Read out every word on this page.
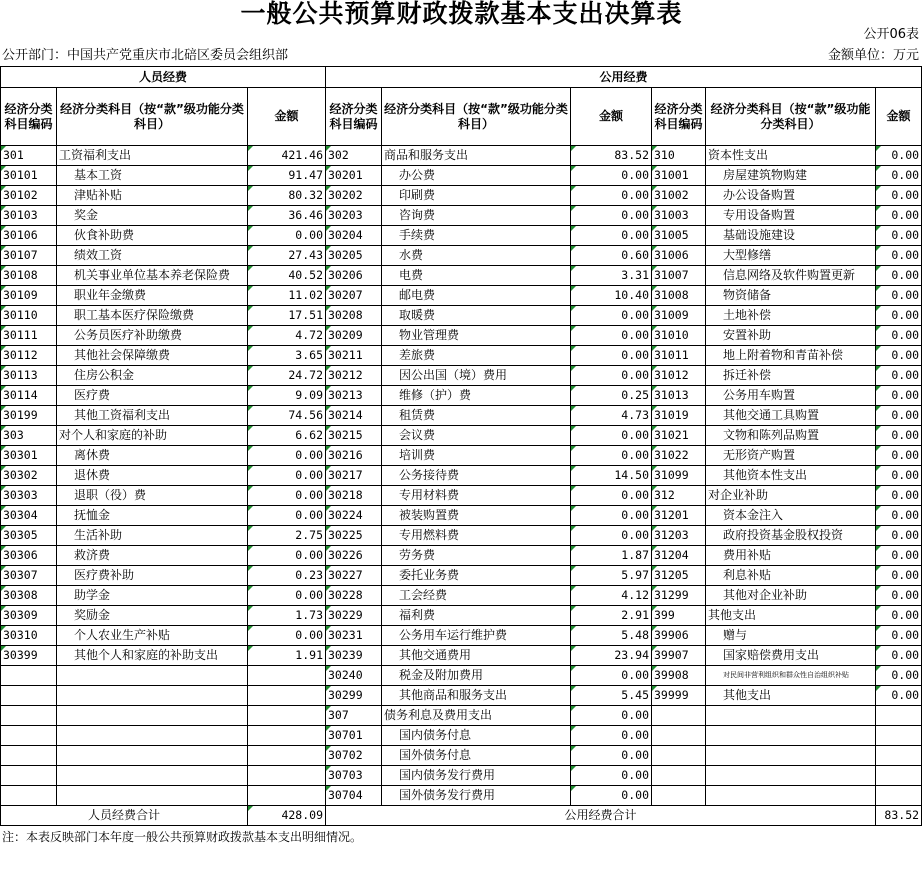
一般公共预算财政拨款基本支出决算表
公开06表
公开部门：中国共产党重庆市北碚区委员会组织部	金额单位：万元
人员经费			公用经费					
经济分类科目编码	经济分类科目（按“款”级功能分类科目）	金额	经济分类科目编码	经济分类科目（按“款”级功能分类科目）	金额	经济分类科目编码	经济分类科目（按“款”级功能分类科目）	金额
301	工资福利支出	421.46	302	商品和服务支出	83.52	310	资本性支出	0.00
30101	基本工资	91.47	30201	办公费	0.00	31001	房屋建筑物购建	0.00
30102	津贴补贴	80.32	30202	印刷费	0.00	31002	办公设备购置	0.00
30103	奖金	36.46	30203	咨询费	0.00	31003	专用设备购置	0.00
30106	伙食补助费	0.00	30204	手续费	0.00	31005	基础设施建设	0.00
30107	绩效工资	27.43	30205	水费	0.60	31006	大型修缮	0.00
30108	机关事业单位基本养老保险费	40.52	30206	电费	3.31	31007	信息网络及软件购置更新	0.00
30109	职业年金缴费	11.02	30207	邮电费	10.40	31008	物资储备	0.00
30110	职工基本医疗保险缴费	17.51	30208	取暖费	0.00	31009	土地补偿	0.00
30111	公务员医疗补助缴费	4.72	30209	物业管理费	0.00	31010	安置补助	0.00
30112	其他社会保障缴费	3.65	30211	差旅费	0.00	31011	地上附着物和青苗补偿	0.00
30113	住房公积金	24.72	30212	因公出国（境）费用	0.00	31012	拆迁补偿	0.00
30114	医疗费	9.09	30213	维修（护）费	0.25	31013	公务用车购置	0.00
30199	其他工资福利支出	74.56	30214	租赁费	4.73	31019	其他交通工具购置	0.00
303	对个人和家庭的补助	6.62	30215	会议费	0.00	31021	文物和陈列品购置	0.00
30301	离休费	0.00	30216	培训费	0.00	31022	无形资产购置	0.00
30302	退休费	0.00	30217	公务接待费	14.50	31099	其他资本性支出	0.00
30303	退职（役）费	0.00	30218	专用材料费	0.00	312	对企业补助	0.00
30304	抚恤金	0.00	30224	被装购置费	0.00	31201	资本金注入	0.00
30305	生活补助	2.75	30225	专用燃料费	0.00	31203	政府投资基金股权投资	0.00
30306	救济费	0.00	30226	劳务费	1.87	31204	费用补贴	0.00
30307	医疗费补助	0.23	30227	委托业务费	5.97	31205	利息补贴	0.00
30308	助学金	0.00	30228	工会经费	4.12	31299	其他对企业补助	0.00
30309	奖励金	1.73	30229	福利费	2.91	399	其他支出	0.00
30310	个人农业生产补贴	0.00	30231	公务用车运行维护费	5.48	39906	赠与	0.00
30399	其他个人和家庭的补助支出	1.91	30239	其他交通费用	23.94	39907	国家赔偿费用支出	0.00
			30240	税金及附加费用	0.00	39908	对民间非营利组织和群众性自治组织补贴	0.00
			30299	其他商品和服务支出	5.45	39999	其他支出	0.00
			307	债务利息及费用支出	0.00			
			30701	国内债务付息	0.00			
			30702	国外债务付息	0.00			
			30703	国内债务发行费用	0.00			
			30704	国外债务发行费用	0.00			
人员经费合计		428.09	公用经费合计					83.52
注：本表反映部门本年度一般公共预算财政拨款基本支出明细情况。
